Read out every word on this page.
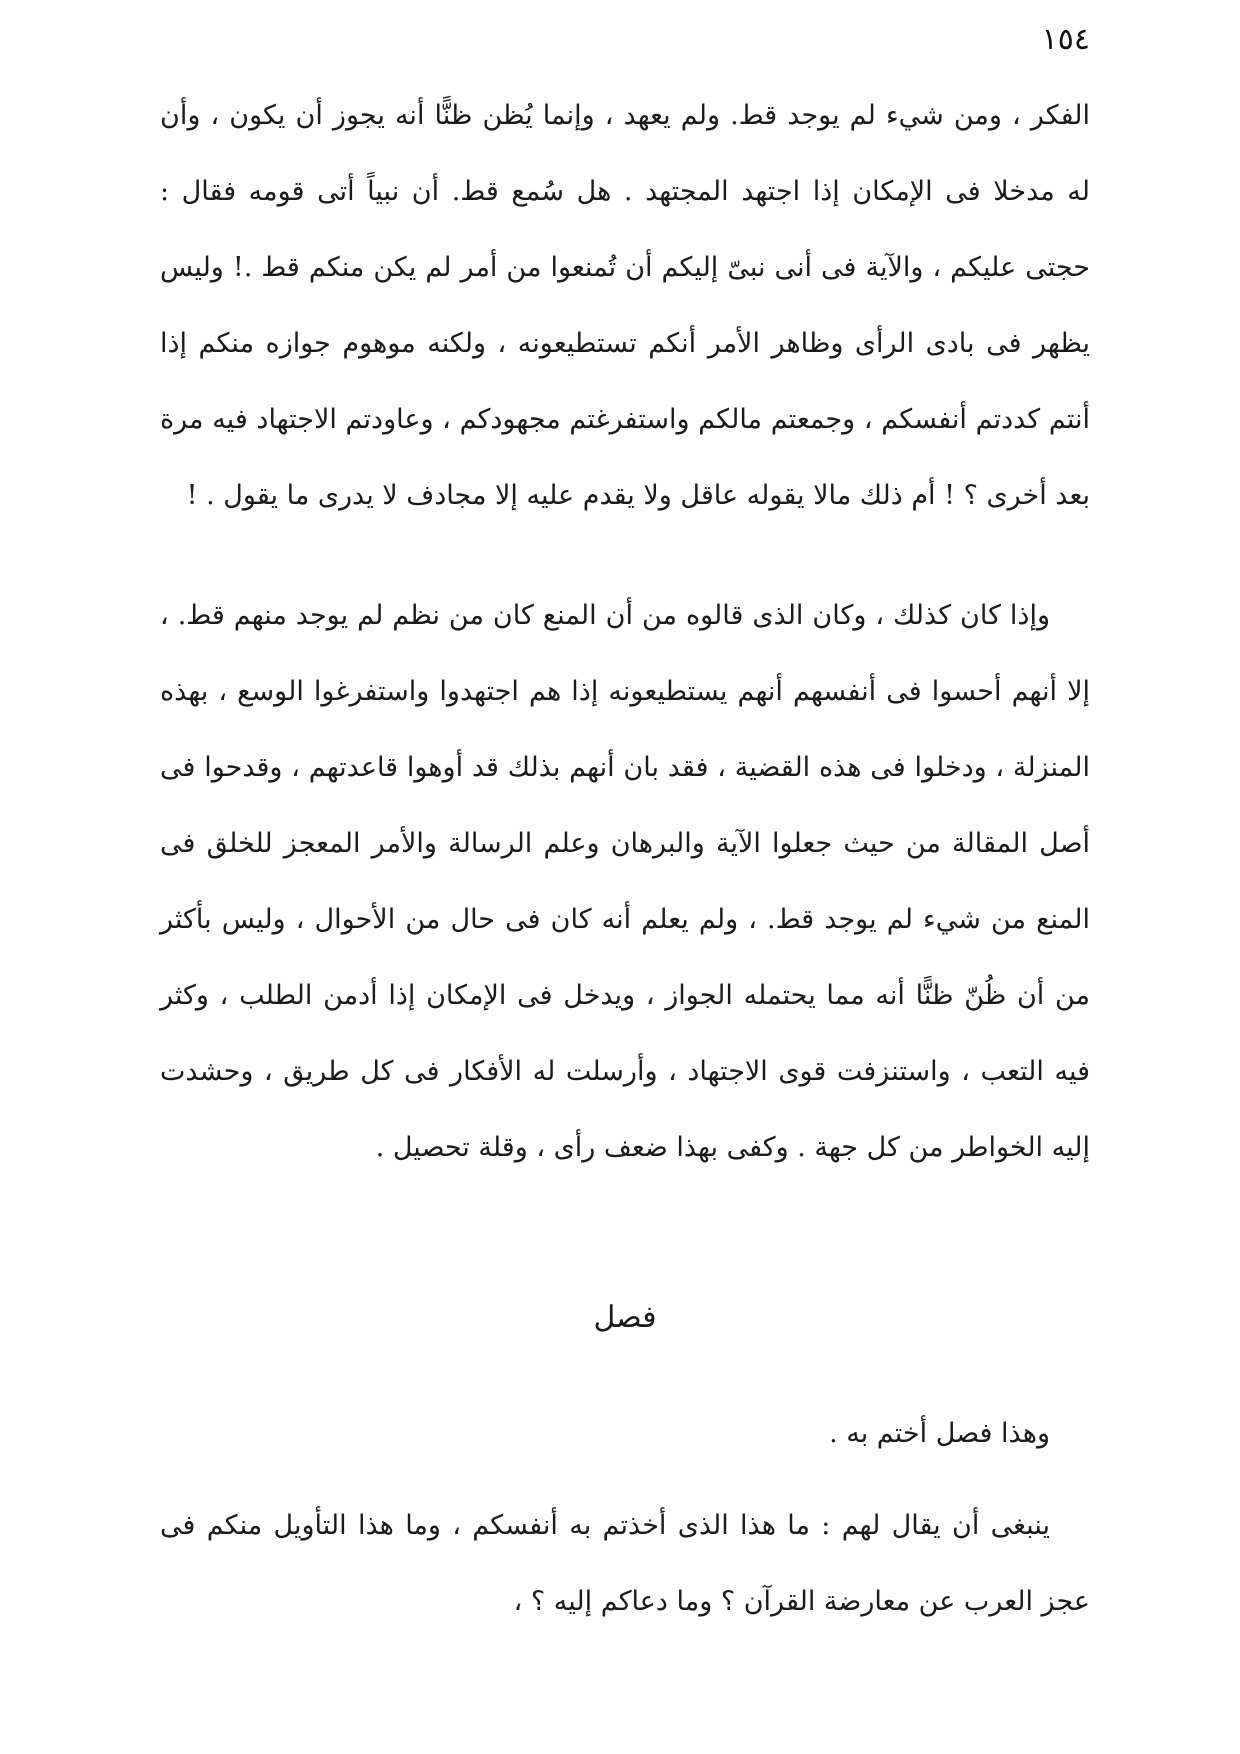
١٥٤

الفكر ، ومن شيء لم يوجد قط. ولم يعهد ، وإنما يُظن ظنًّا أنه يجوز أن يكون ، وأن له مدخلا فى الإمكان إذا اجتهد المجتهد . هل سُمع قط. أن نبياً أتى قومه فقال : حجتى عليكم ، والآية فى أنى نبىّ إليكم أن تُمنعوا من أمر لم يكن منكم قط .! وليس يظهر فى بادى الرأى وظاهر الأمر أنكم تستطيعونه ، ولكنه موهوم جوازه منكم إذا أنتم كددتم أنفسكم ، وجمعتم مالكم واستفرغتم مجهودكم ، وعاودتم الاجتهاد فيه مرة بعد أخرى ؟ ! أم ذلك مالا يقوله عاقل ولا يقدم عليه إلا مجادف لا يدرى ما يقول . !

وإذا كان كذلك ، وكان الذى قالوه من أن المنع كان من نظم لم يوجد منهم قط. ، إلا أنهم أحسوا فى أنفسهم أنهم يستطيعونه إذا هم اجتهدوا واستفرغوا الوسع ، بهذه المنزلة ، ودخلوا فى هذه القضية ، فقد بان أنهم بذلك قد أوهوا قاعدتهم ، وقدحوا فى أصل المقالة من حيث جعلوا الآية والبرهان وعلم الرسالة والأمر المعجز للخلق فى المنع من شيء لم يوجد قط. ، ولم يعلم أنه كان فى حال من الأحوال ، وليس بأكثر من أن ظُنّ ظنًّا أنه مما يحتمله الجواز ، ويدخل فى الإمكان إذا أدمن الطلب ، وكثر فيه التعب ، واستنزفت قوى الاجتهاد ، وأرسلت له الأفكار فى كل طريق ، وحشدت إليه الخواطر من كل جهة . وكفى بهذا ضعف رأى ، وقلة تحصيل .

فصل

وهذا فصل أختم به .

ينبغى أن يقال لهم : ما هذا الذى أخذتم به أنفسكم ، وما هذا التأويل منكم فى عجز العرب عن معارضة القرآن ؟ وما دعاكم إليه ؟ ،
